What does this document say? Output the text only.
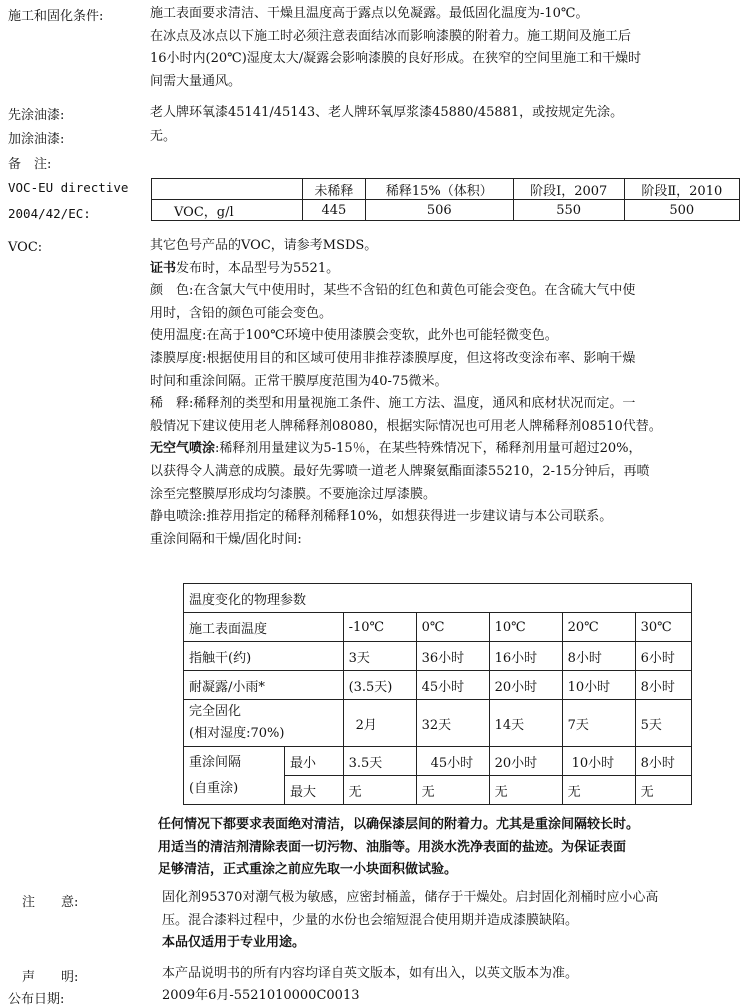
施工和固化条件:	施工表面要求清洁、干燥且温度高于露点以免凝露。最低固化温度为-10℃。

在冰点及冰点以下施工时必须注意表面结冰而影响漆膜的附着力。施工期间及施工后

16小时内(20℃)湿度太大/凝露会影响漆膜的良好形成。在狭窄的空间里施工和干燥时

间需大量通风。

先涂油漆:	老人牌环氧漆45141/45143、老人牌环氧厚浆漆45880/45881，或按规定先涂。
加涂油漆:	无。
备　注:
VOC-EU directive
2004/42/EC:
	未稀释	稀释15%（体积）	阶段Ⅰ，2007	阶段Ⅱ，2010
VOC，g/l	445	506	550	500
VOC:	其它色号产品的VOC，请参考MSDS。

证书发布时，本品型号为5521。

颜　色:在含氯大气中使用时，某些不含铅的红色和黄色可能会变色。在含硫大气中使

用时，含铅的颜色可能会变色。

使用温度:在高于100℃环境中使用漆膜会变软，此外也可能轻微变色。

漆膜厚度:根据使用目的和区域可使用非推荐漆膜厚度，但这将改变涂布率、影响干燥

时间和重涂间隔。正常干膜厚度范围为40-75微米。

稀　释:稀释剂的类型和用量视施工条件、施工方法、温度，通风和底材状况而定。一

般情况下建议使用老人牌稀释剂08080，根据实际情况也可用老人牌稀释剂08510代替。

无空气喷涂:稀释剂用量建议为5-15％，在某些特殊情况下，稀释剂用量可超过20%，

以获得令人满意的成膜。最好先雾喷一道老人牌聚氨酯面漆55210，2-15分钟后，再喷

涂至完整膜厚形成均匀漆膜。不要施涂过厚漆膜。

静电喷涂:推荐用指定的稀释剂稀释10%，如想获得进一步建议请与本公司联系。

重涂间隔和干燥/固化时间:

温度变化的物理参数						
施工表面温度		-10℃	0℃	10℃	20℃	30℃
指触干(约)		3天	36小时	16小时	8小时	6小时
耐凝露/小雨*		(3.5天)	45小时	20小时	10小时	8小时

完全固化
(相对湿度:70%)		2月	32天	14天	7天	5天

重涂间隔
(自重涂)	最小	3.5天	45小时	20小时	10小时	8小时
	最大	无	无	无	无	无

任何情况下都要求表面绝对清洁，以确保漆层间的附着力。尤其是重涂间隔较长时。

用适当的清洁剂清除表面一切污物、油脂等。用淡水洗净表面的盐迹。为保证表面

足够清洁，正式重涂之前应先取一小块面积做试验。

注　　意:	固化剂95370对潮气极为敏感，应密封桶盖，储存于干燥处。启封固化剂桶时应小心高

压。混合漆料过程中，少量的水份也会缩短混合使用期并造成漆膜缺陷。

本品仅适用于专业用途。

声　　明:	本产品说明书的所有内容均译自英文版本，如有出入，以英文版本为准。
公布日期:	2009年6月-5521010000C0013
